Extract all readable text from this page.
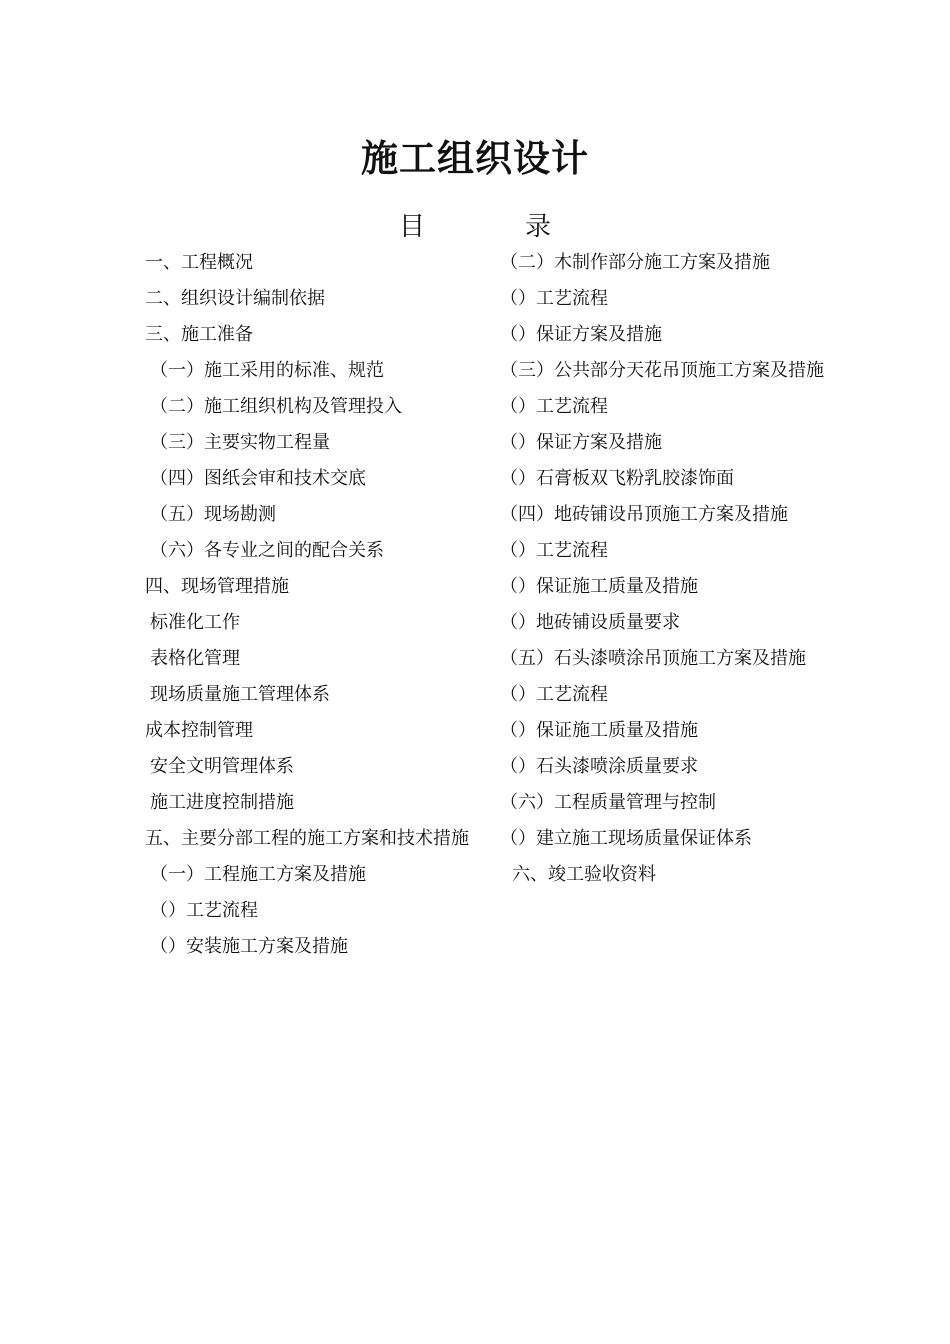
施工组织设计
目	录
一、工程概况
二、组织设计编制依据
三、施工准备
（一）施工采用的标准、规范
（二）施工组织机构及管理投入
（三）主要实物工程量
（四）图纸会审和技术交底
（五）现场勘测
（六）各专业之间的配合关系
四、现场管理措施
标准化工作
表格化管理
现场质量施工管理体系
成本控制管理
安全文明管理体系
施工进度控制措施
五、主要分部工程的施工方案和技术措施
（一）工程施工方案及措施
（）工艺流程
（）安装施工方案及措施
（二）木制作部分施工方案及措施
（）工艺流程
（）保证方案及措施
（三）公共部分天花吊顶施工方案及措施
（）工艺流程
（）保证方案及措施
（）石膏板双飞粉乳胶漆饰面
（四）地砖铺设吊顶施工方案及措施
（）工艺流程
（）保证施工质量及措施
（）地砖铺设质量要求
（五）石头漆喷涂吊顶施工方案及措施
（）工艺流程
（）保证施工质量及措施
（）石头漆喷涂质量要求
（六）工程质量管理与控制
（）建立施工现场质量保证体系
六、竣工验收资料
